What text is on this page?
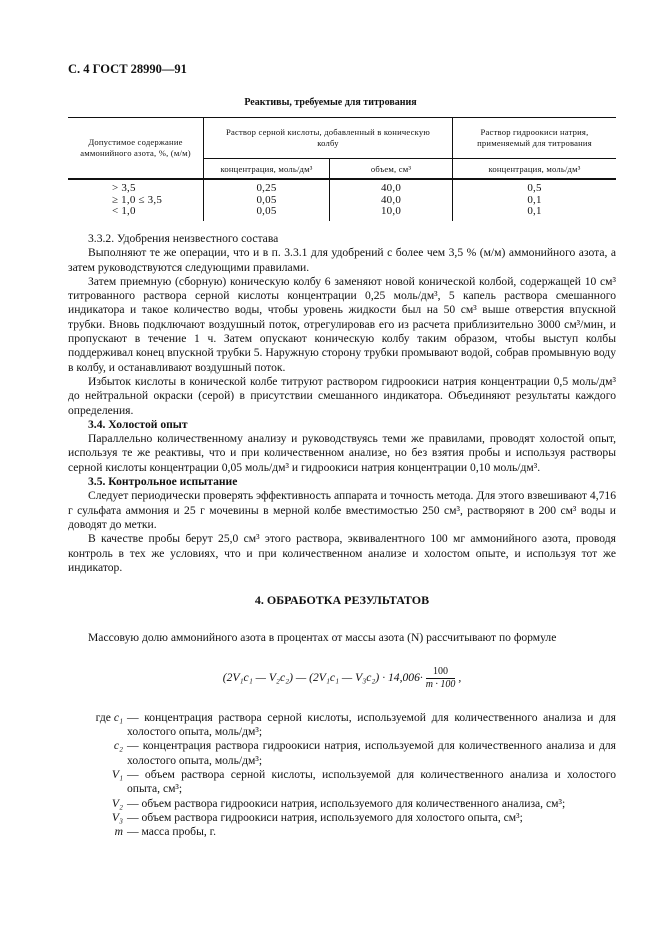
С. 4 ГОСТ 28990—91
Реактивы, требуемые для титрования
Допустимое содержание аммонийного азота, %, (м/м)	Раствор серной кислоты, добавленный в коническую колбу		Раствор гидроокиси натрия, применяемый для титрования

	концентрация, моль/дм³	объем, см³	концентрация, моль/дм³
> 3,5	0,25	40,0	0,5
≥ 1,0 ≤ 3,5	0,05	40,0	0,1
< 1,0	0,05	10,0	0,1

3.3.2. Удобрения неизвестного состава

Выполняют те же операции, что и в п. 3.3.1 для удобрений с более чем 3,5 % (м/м) аммонийного азота, а затем руководствуются следующими правилами.

Затем приемную (сборную) коническую колбу 6 заменяют новой конической колбой, содержащей 10 см³ титрованного раствора серной кислоты концентрации 0,25 моль/дм³, 5 капель раствора смешанного индикатора и такое количество воды, чтобы уровень жидкости был на 50 см³ выше отверстия впускной трубки. Вновь подключают воздушный поток, отрегулировав его из расчета приблизительно 3000 см³/мин, и пропускают в течение 1 ч. Затем опускают коническую колбу таким образом, чтобы выступ колбы поддерживал конец впускной трубки 5. Наружную сторону трубки промывают водой, собрав промывную воду в колбу, и останавливают воздушный поток.

Избыток кислоты в конической колбе титруют раствором гидроокиси натрия концентрации 0,5 моль/дм³ до нейтральной окраски (серой) в присутствии смешанного индикатора. Объединяют результаты каждого определения.

3.4. Холостой опыт

Параллельно количественному анализу и руководствуясь теми же правилами, проводят холостой опыт, используя те же реактивы, что и при количественном анализе, но без взятия пробы и используя растворы серной кислоты концентрации 0,05 моль/дм³ и гидроокиси натрия концентрации 0,10 моль/дм³.

3.5. Контрольное испытание

Следует периодически проверять эффективность аппарата и точность метода. Для этого взвешивают 4,716 г сульфата аммония и 25 г мочевины в мерной колбе вместимостью 250 см³, растворяют в 200 см³ воды и доводят до метки.

В качестве пробы берут 25,0 см³ этого раствора, эквивалентного 100 мг аммонийного азота, проводя контроль в тех же условиях, что и при количественном анализе и холостом опыте, и используя тот же индикатор.

4. ОБРАБОТКА РЕЗУЛЬТАТОВ

Массовую долю аммонийного азота в процентах от массы азота (N) рассчитывают по формуле

(2V₁c₁ — V₂c₂) — (2V₁c₁ — $V_3c_2) \cdot 14,006\cdot \frac{100}{m \cdot 100}$ ,

где c₁ — концентрация раствора серной кислоты, используемой для количественного анализа и для холостого опыта, моль/дм³;
c₂ — концентрация раствора гидроокиси натрия, используемой для количественного анализа и для холостого опыта, моль/дм³;
V₁ — объем раствора серной кислоты, используемой для количественного анализа и холостого опыта, см³;
V₂ — объем раствора гидроокиси натрия, используемого для количественного анализа, см³;
V₃ — объем раствора гидроокиси натрия, используемого для холостого опыта, см³;
m — масса пробы, г.
